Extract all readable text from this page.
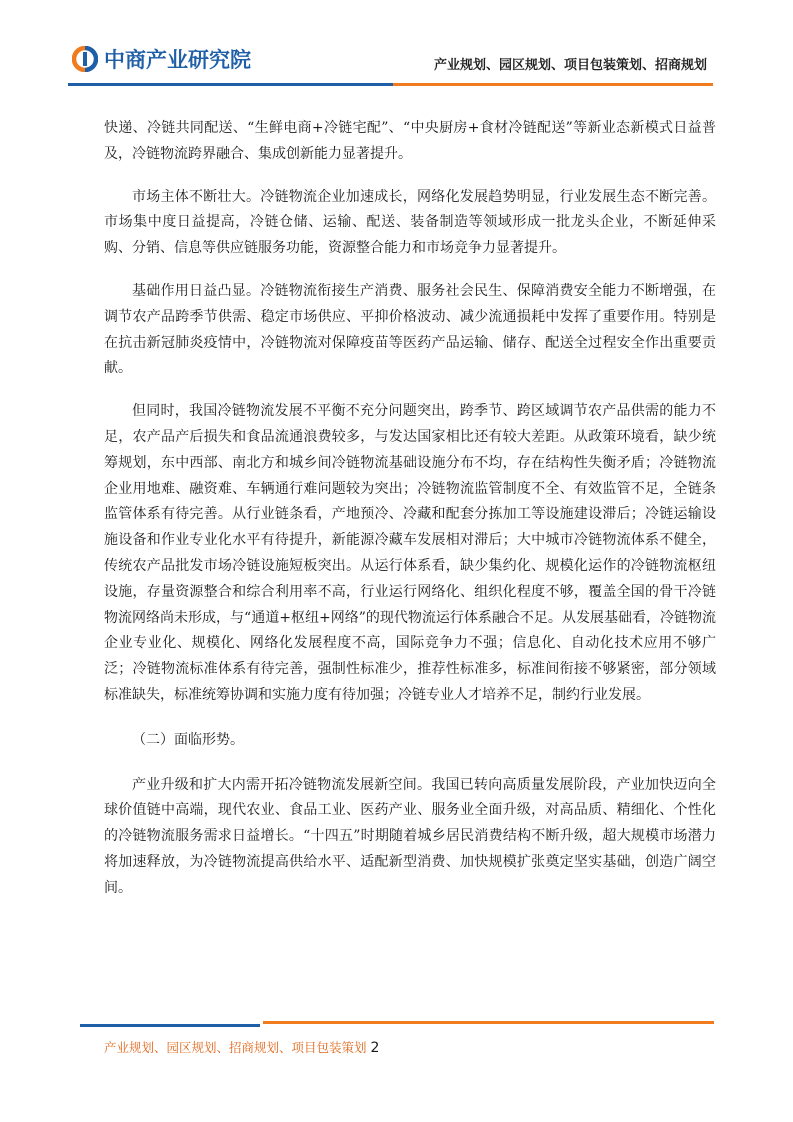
中商产业研究院	产业规划、园区规划、项目包装策划、招商规划

快递、冷链共同配送、“生鲜电商+冷链宅配”、“中央厨房+食材冷链配送”等新业态新模式日益普及，冷链物流跨界融合、集成创新能力显著提升。

市场主体不断壮大。冷链物流企业加速成长，网络化发展趋势明显，行业发展生态不断完善。市场集中度日益提高，冷链仓储、运输、配送、装备制造等领域形成一批龙头企业，不断延伸采购、分销、信息等供应链服务功能，资源整合能力和市场竞争力显著提升。

基础作用日益凸显。冷链物流衔接生产消费、服务社会民生、保障消费安全能力不断增强，在调节农产品跨季节供需、稳定市场供应、平抑价格波动、减少流通损耗中发挥了重要作用。特别是在抗击新冠肺炎疫情中，冷链物流对保障疫苗等医药产品运输、储存、配送全过程安全作出重要贡献。

但同时，我国冷链物流发展不平衡不充分问题突出，跨季节、跨区域调节农产品供需的能力不足，农产品产后损失和食品流通浪费较多，与发达国家相比还有较大差距。从政策环境看，缺少统筹规划，东中西部、南北方和城乡间冷链物流基础设施分布不均，存在结构性失衡矛盾；冷链物流企业用地难、融资难、车辆通行难问题较为突出；冷链物流监管制度不全、有效监管不足，全链条监管体系有待完善。从行业链条看，产地预冷、冷藏和配套分拣加工等设施建设滞后；冷链运输设施设备和作业专业化水平有待提升，新能源冷藏车发展相对滞后；大中城市冷链物流体系不健全，传统农产品批发市场冷链设施短板突出。从运行体系看，缺少集约化、规模化运作的冷链物流枢纽设施，存量资源整合和综合利用率不高，行业运行网络化、组织化程度不够，覆盖全国的骨干冷链物流网络尚未形成，与“通道+枢纽+网络”的现代物流运行体系融合不足。从发展基础看，冷链物流企业专业化、规模化、网络化发展程度不高，国际竞争力不强；信息化、自动化技术应用不够广泛；冷链物流标准体系有待完善，强制性标准少，推荐性标准多，标准间衔接不够紧密，部分领域标准缺失，标准统筹协调和实施力度有待加强；冷链专业人才培养不足，制约行业发展。

（二）面临形势。

产业升级和扩大内需开拓冷链物流发展新空间。我国已转向高质量发展阶段，产业加快迈向全球价值链中高端，现代农业、食品工业、医药产业、服务业全面升级，对高品质、精细化、个性化的冷链物流服务需求日益增长。“十四五”时期随着城乡居民消费结构不断升级，超大规模市场潜力将加速释放，为冷链物流提高供给水平、适配新型消费、加快规模扩张奠定坚实基础，创造广阔空间。

产业规划、园区规划、招商规划、项目包装策划 2
